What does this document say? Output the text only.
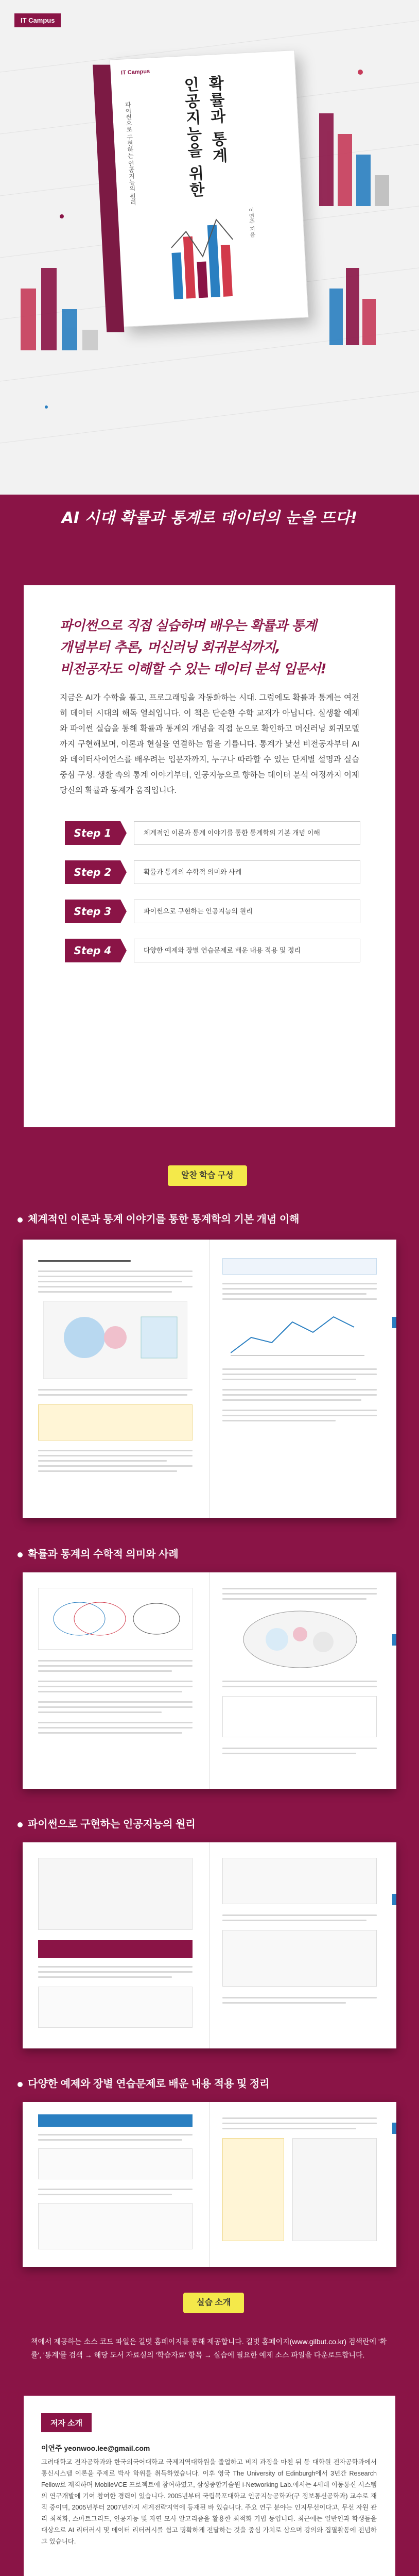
IT Campus
IT Campus
파이썬으로 구현하는 인공지능의 원리	인공지능을 위한 확률과 통계
이연주 지음
AI 시대 확률과 통계로 데이터의 눈을 뜨다!
파이썬으로 직접 실습하며 배우는 확률과 통계
개념부터 추론, 머신러닝 회귀분석까지,
비전공자도 이해할 수 있는 데이터 분석 입문서!

지금은 AI가 수학을 풀고, 프로그래밍을 자동화하는 시대. 그럼에도 확률과 통계는 여전히 데이터 시대의 해독 열쇠입니다. 이 책은 단순한 수학 교재가 아닙니다. 실생활 예제와 파이썬 실습을 통해 확률과 통계의 개념을 직접 눈으로 확인하고 머신러닝 회귀모델까지 구현해보며, 이론과 현실을 연결하는 힘을 기릅니다. 통계가 낯선 비전공자부터 AI와 데이터사이언스를 배우려는 입문자까지, 누구나 따라할 수 있는 단계별 설명과 실습 중심 구성. 생활 속의 통계 이야기부터, 인공지능으로 향하는 데이터 분석 여정까지 이제 당신의 확률과 통계가 움직입니다.

Step 1	체계적인 이론과 통계 이야기를 통한 통계학의 기본 개념 이해
Step 2	확률과 통계의 수학적 의미와 사례
Step 3	파이썬으로 구현하는 인공지능의 원리
Step 4	다양한 예제와 장별 연습문제로 배운 내용 적용 및 정리
알찬 학습 구성
체계적인 이론과 통계 이야기를 통한 통계학의 기본 개념 이해
확률과 통계의 수학적 의미와 사례
파이썬으로 구현하는 인공지능의 원리
다양한 예제와 장별 연습문제로 배운 내용 적용 및 정리
실습 소개

책에서 제공하는 소스 코드 파일은 길벗 홈페이지를 통해 제공합니다. 길벗 홈페이지(www.gilbut.co.kr) 검색란에 '확률', '통계'를 검색 → 해당 도서 자료실의 '학습자료' 항목 → 실습에 필요한 예제 소스 파일을 다운로드합니다.

저자 소개
이연주 yeonwoo.lee@gmail.com

고려대학교 전자공학과와 한국외국어대학교 국제지역대학원을 졸업하고 비지 과정을 마친 뒤 동 대학원 전자공학과에서 통신시스템 이론을 주제로 박사 학위를 취득하였습니다. 이후 영국 The University of Edinburgh에서 3년간 Research Fellow로 재직하며 MobileVCE 프로젝트에 참여하였고, 삼성종합기술원 i-Networking Lab.에서는 4세대 이동통신 시스템의 연구개발에 기여 참여한 경력이 있습니다. 2005년부터 국립목포대학교 인공지능공학과(구 정보통신공학과) 교수로 재직 중이며, 2005년부터 2007년까지 세계전략지역에 등재된 바 있습니다. 주요 연구 분야는 인지무선이다고, 무선 자원 관리 최적화, 스마트그리드, 인공지능 및 자연 모사 알고리즘을 활용한 최적화 기법 등입니다. 최근에는 일반인과 학생들을 대상으로 AI 리터러시 및 데이터 리터러시를 쉽고 명확하게 전달하는 것을 중심 가치로 삼으며 강의와 집필활동에 전념하고 있습니다.
